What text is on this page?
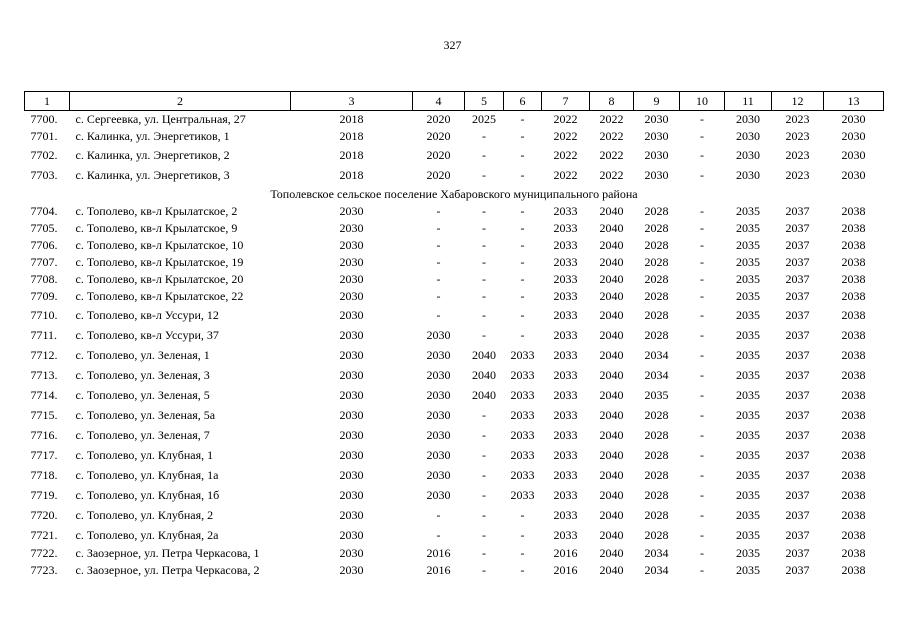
327
1	2	3	4	5	6	7	8	9	10	11	12	13
7700.	с. Сергеевка, ул. Центральная, 27	2018	2020	2025	-	2022	2022	2030	-	2030	2023	2030
7701.	с. Калинка, ул. Энергетиков, 1	2018	2020	-	-	2022	2022	2030	-	2030	2023	2030
7702.	с. Калинка, ул. Энергетиков, 2	2018	2020	-	-	2022	2022	2030	-	2030	2023	2030
7703.	с. Калинка, ул. Энергетиков, 3	2018	2020	-	-	2022	2022	2030	-	2030	2023	2030
Тополевское сельское поселение Хабаровского муниципального района												
7704.	с. Тополево, кв-л Крылатское, 2	2030	-	-	-	2033	2040	2028	-	2035	2037	2038
7705.	с. Тополево, кв-л Крылатское, 9	2030	-	-	-	2033	2040	2028	-	2035	2037	2038
7706.	с. Тополево, кв-л Крылатское, 10	2030	-	-	-	2033	2040	2028	-	2035	2037	2038
7707.	с. Тополево, кв-л Крылатское, 19	2030	-	-	-	2033	2040	2028	-	2035	2037	2038
7708.	с. Тополево, кв-л Крылатское, 20	2030	-	-	-	2033	2040	2028	-	2035	2037	2038
7709.	с. Тополево, кв-л Крылатское, 22	2030	-	-	-	2033	2040	2028	-	2035	2037	2038
7710.	с. Тополево, кв-л Уссури, 12	2030	-	-	-	2033	2040	2028	-	2035	2037	2038
7711.	с. Тополево, кв-л Уссури, 37	2030	2030	-	-	2033	2040	2028	-	2035	2037	2038
7712.	с. Тополево, ул. Зеленая, 1	2030	2030	2040	2033	2033	2040	2034	-	2035	2037	2038
7713.	с. Тополево, ул. Зеленая, 3	2030	2030	2040	2033	2033	2040	2034	-	2035	2037	2038
7714.	с. Тополево, ул. Зеленая, 5	2030	2030	2040	2033	2033	2040	2035	-	2035	2037	2038
7715.	с. Тополево, ул. Зеленая, 5а	2030	2030	-	2033	2033	2040	2028	-	2035	2037	2038
7716.	с. Тополево, ул. Зеленая, 7	2030	2030	-	2033	2033	2040	2028	-	2035	2037	2038
7717.	с. Тополево, ул. Клубная, 1	2030	2030	-	2033	2033	2040	2028	-	2035	2037	2038
7718.	с. Тополево, ул. Клубная, 1а	2030	2030	-	2033	2033	2040	2028	-	2035	2037	2038
7719.	с. Тополево, ул. Клубная, 1б	2030	2030	-	2033	2033	2040	2028	-	2035	2037	2038
7720.	с. Тополево, ул. Клубная, 2	2030	-	-	-	2033	2040	2028	-	2035	2037	2038
7721.	с. Тополево, ул. Клубная, 2а	2030	-	-	-	2033	2040	2028	-	2035	2037	2038
7722.	с. Заозерное, ул. Петра Черкасова, 1	2030	2016	-	-	2016	2040	2034	-	2035	2037	2038
7723.	с. Заозерное, ул. Петра Черкасова, 2	2030	2016	-	-	2016	2040	2034	-	2035	2037	2038
